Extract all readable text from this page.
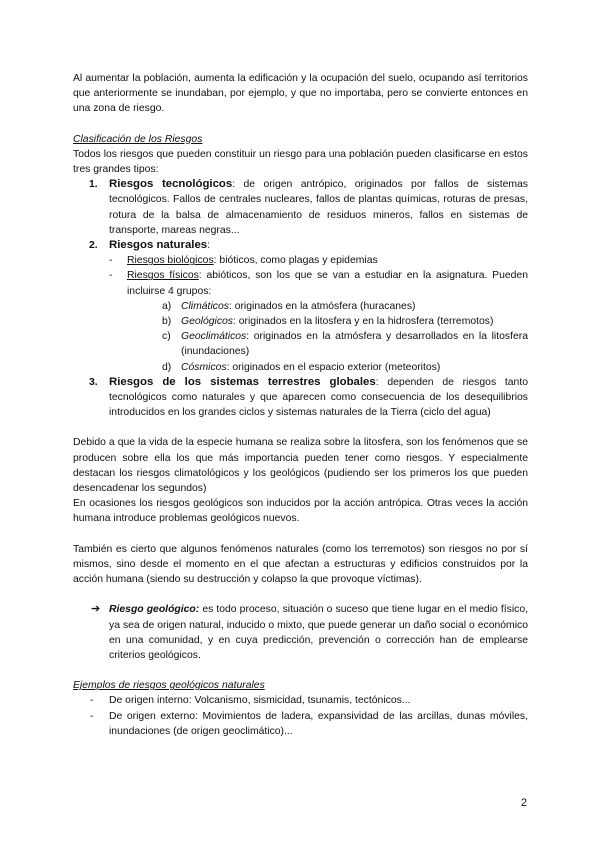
Al aumentar la población, aumenta la edificación y la ocupación del suelo, ocupando así territorios que anteriormente se inundaban, por ejemplo, y que no importaba, pero se convierte entonces en una zona de riesgo.

Clasificación de los Riesgos

Todos los riesgos que pueden constituir un riesgo para una población pueden clasificarse en estos tres grandes tipos:

1. Riesgos tecnológicos: de origen antrópico, originados por fallos de sistemas tecnológicos. Fallos de centrales nucleares, fallos de plantas químicas, roturas de presas, rotura de la balsa de almacenamiento de residuos mineros, fallos en sistemas de transporte, mareas negras...
2. Riesgos naturales:
- Riesgos biológicos: bióticos, como plagas y epidemias
- Riesgos físicos: abióticos, son los que se van a estudiar en la asignatura. Pueden incluirse 4 grupos:
a) Climáticos: originados en la atmósfera (huracanes)
b) Geológicos: originados en la litosfera y en la hidrosfera (terremotos)
c) Geoclimáticos: originados en la atmósfera y desarrollados en la litosfera (inundaciones)
d) Cósmicos: originados en el espacio exterior (meteoritos)
3. Riesgos de los sistemas terrestres globales: dependen de riesgos tanto tecnológicos como naturales y que aparecen como consecuencia de los desequilibrios introducidos en los grandes ciclos y sistemas naturales de la Tierra (ciclo del agua)

Debido a que la vida de la especie humana se realiza sobre la litosfera, son los fenómenos que se producen sobre ella los que más importancia pueden tener como riesgos. Y especialmente destacan los riesgos climatológicos y los geológicos (pudiendo ser los primeros los que pueden desencadenar los segundos)

En ocasiones los riesgos geológicos son inducidos por la acción antrópica. Otras veces la acción humana introduce problemas geológicos nuevos.

También es cierto que algunos fenómenos naturales (como los terremotos) son riesgos no por sí mismos, sino desde el momento en el que afectan a estructuras y edificios construidos por la acción humana (siendo su destrucción y colapso la que provoque víctimas).

➔ Riesgo geológico: es todo proceso, situación o suceso que tiene lugar en el medio físico, ya sea de origen natural, inducido o mixto, que puede generar un daño social o económico en una comunidad, y en cuya predicción, prevención o corrección han de emplearse criterios geológicos.

Ejemplos de riesgos geológicos naturales

- De origen interno: Volcanismo, sismicidad, tsunamis, tectónicos...
- De origen externo: Movimientos de ladera, expansividad de las arcillas, dunas móviles, inundaciones (de origen geoclimático)...
2
